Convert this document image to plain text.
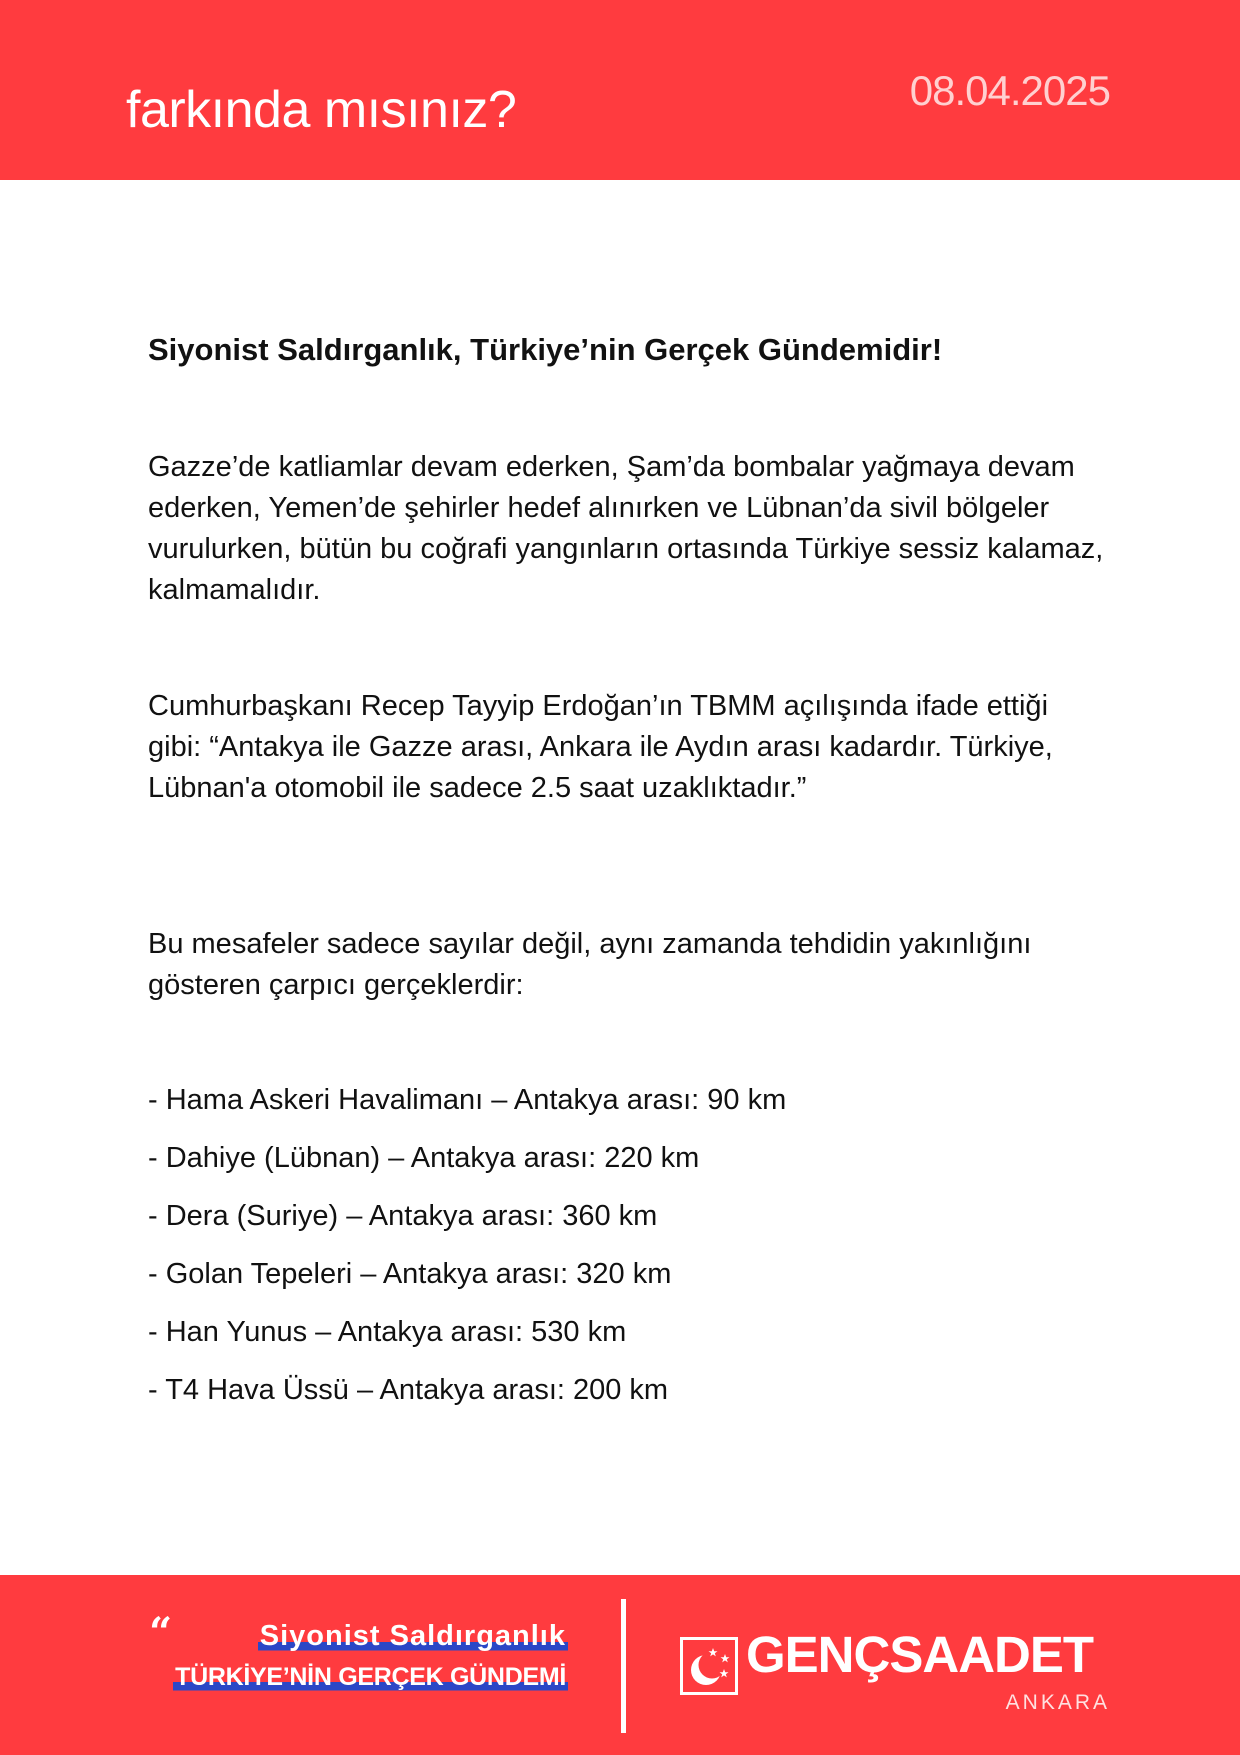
farkında mısınız?	08.04.2025
Siyonist Saldırganlık, Türkiye’nin Gerçek Gündemidir!
Gazze’de katliamlar devam ederken, Şam’da bombalar yağmaya devam ederken, Yemen’de şehirler hedef alınırken ve Lübnan’da sivil bölgeler vurulurken, bütün bu coğrafi yangınların ortasında Türkiye sessiz kalamaz, kalmamalıdır.
Cumhurbaşkanı Recep Tayyip Erdoğan’ın TBMM açılışında ifade ettiği gibi: “Antakya ile Gazze arası, Ankara ile Aydın arası kadardır. Türkiye, Lübnan'a otomobil ile sadece 2.5 saat uzaklıktadır.”
Bu mesafeler sadece sayılar değil, aynı zamanda tehdidin yakınlığını gösteren çarpıcı gerçeklerdir:
- Hama Askeri Havalimanı – Antakya arası: 90 km
- Dahiye (Lübnan) – Antakya arası: 220 km
- Dera (Suriye) – Antakya arası: 360 km
- Golan Tepeleri – Antakya arası: 320 km
- Han Yunus – Antakya arası: 530 km
- T4 Hava Üssü – Antakya arası: 200 km
“	Siyonist Saldırganlık
TÜRKİYE’NİN GERÇEK GÜNDEMİ	GENÇSAADET
ANKARA
